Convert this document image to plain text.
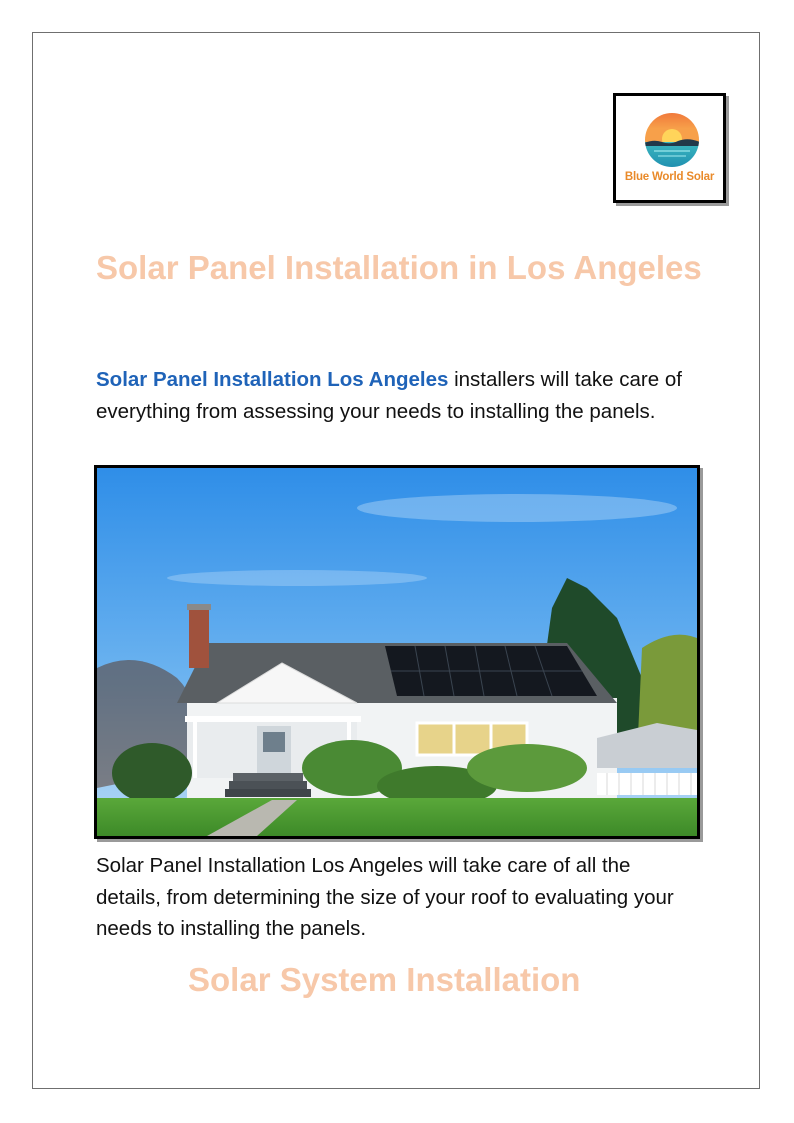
Blue World Solar
Solar Panel Installation in Los Angeles

Solar Panel Installation Los Angeles installers will take care of everything from assessing your needs to installing the panels.

Solar Panel Installation Los Angeles will take care of all the details, from determining the size of your roof to evaluating your needs to installing the panels.

Solar System Installation
